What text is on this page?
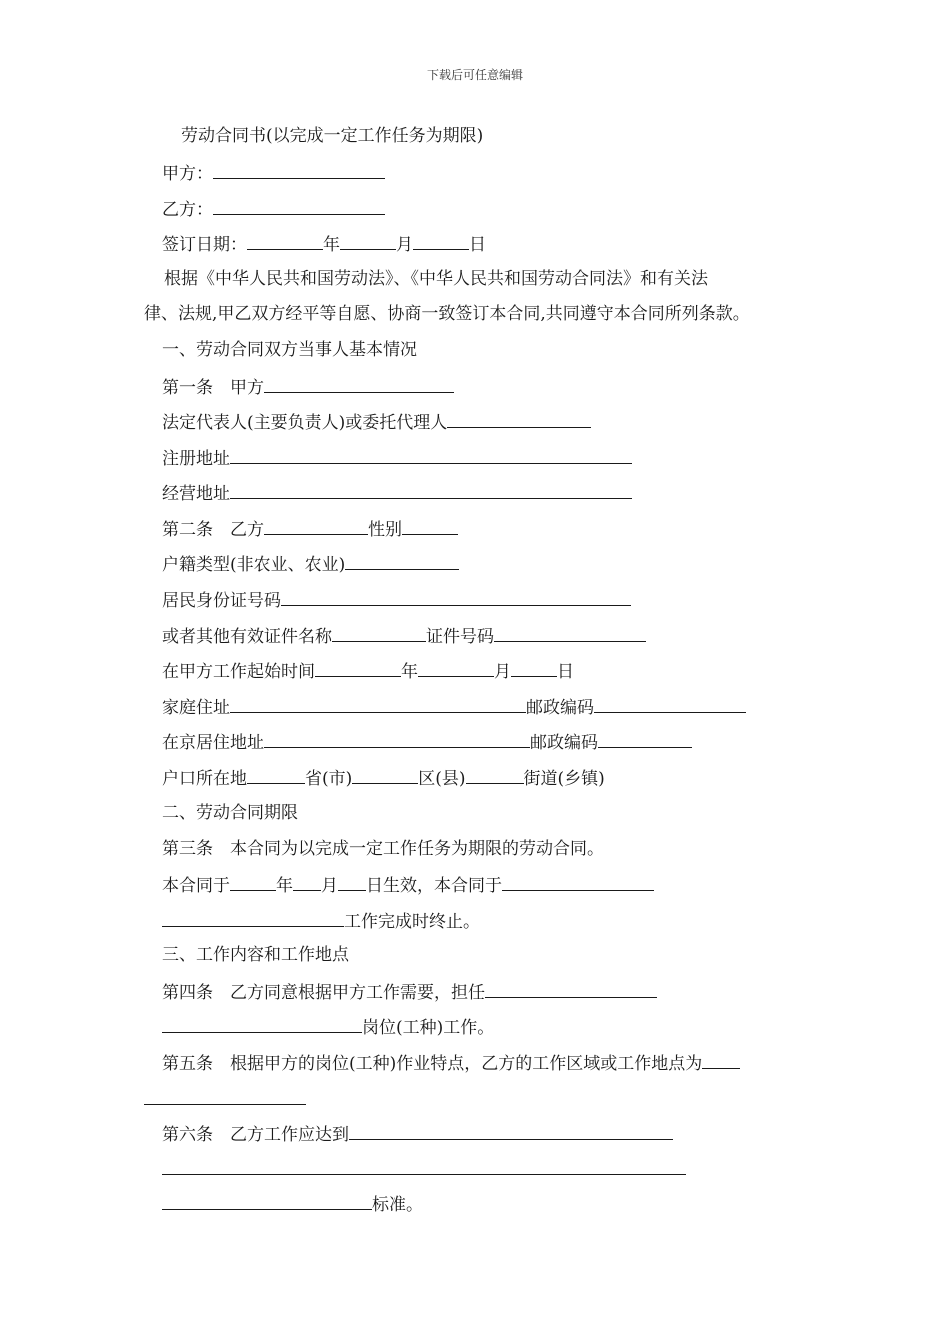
下载后可任意编辑
劳动合同书(以完成一定工作任务为期限)
甲方：
乙方：
签订日期：	年	月	日
根据《中华人民共和国劳动法》、《中华人民共和国劳动合同法》和有关法
律、法规,甲乙双方经平等自愿、协商一致签订本合同,共同遵守本合同所列条款。
一、劳动合同双方当事人基本情况
第一条　甲方
法定代表人(主要负责人)或委托代理人
注册地址
经营地址
第二条　乙方	性别
户籍类型(非农业、农业)
居民身份证号码
或者其他有效证件名称	证件号码
在甲方工作起始时间	年	月	日
家庭住址	邮政编码
在京居住地址	邮政编码
户口所在地	省(市)	区(县)	街道(乡镇)
二、劳动合同期限
第三条　本合同为以完成一定工作任务为期限的劳动合同。
本合同于	年 月 日生效，本合同于
工作完成时终止。
三、工作内容和工作地点
第四条　乙方同意根据甲方工作需要，担任
岗位(工种)工作。
第五条　根据甲方的岗位(工种)作业特点，乙方的工作区域或工作地点为
第六条　乙方工作应达到
标准。
